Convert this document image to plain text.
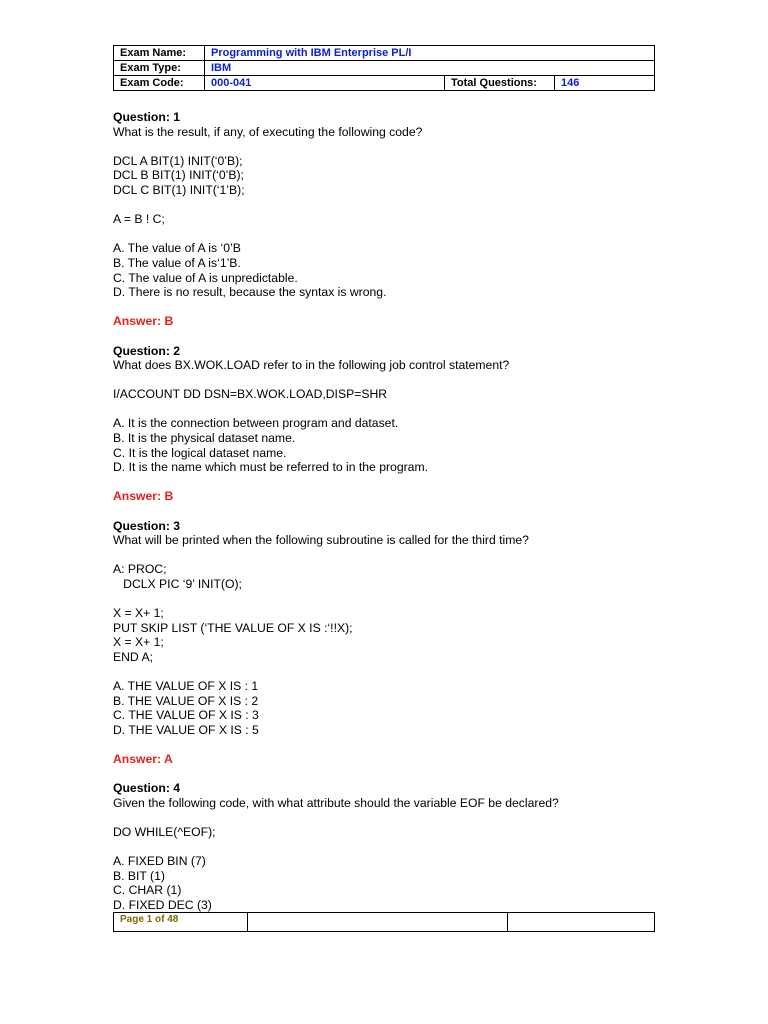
Exam Name:	Programming with IBM Enterprise PL/I		
Exam Type:	IBM		
Exam Code:	000-041	Total Questions:	146
Question: 1
What is the result, if any, of executing the following code?
DCL A BIT(1) INIT(‘0’B);
DCL B BIT(1) INIT(‘0’B);
DCL C BIT(1) INIT(‘1’B);
A = B ! C;
A. The value of A is ‘0’B
B. The value of A is‘1’B.
C. The value of A is unpredictable.
D. There is no result, because the syntax is wrong.
Answer: B
Question: 2
What does BX.WOK.LOAD refer to in the following job control statement?
I/ACCOUNT DD DSN=BX.WOK.LOAD,DISP=SHR
A. It is the connection between program and dataset.
B. It is the physical dataset name.
C. It is the logical dataset name.
D. It is the name which must be referred to in the program.
Answer: B
Question: 3
What will be printed when the following subroutine is called for the third time?
A: PROC;
DCLX PIC ‘9’ INIT(O);
X = X+ 1;
PUT SKIP LIST (‘THE VALUE OF X IS :‘!!X);
X = X+ 1;
END A;
A. THE VALUE OF X IS : 1
B. THE VALUE OF X IS : 2
C. THE VALUE OF X IS : 3
D. THE VALUE OF X IS : 5
Answer: A
Question: 4
Given the following code, with what attribute should the variable EOF be declared?
DO WHILE(^EOF);
A. FIXED BIN (7)
B. BIT (1)
C. CHAR (1)
D. FIXED DEC (3)
Page 1 of 48		
